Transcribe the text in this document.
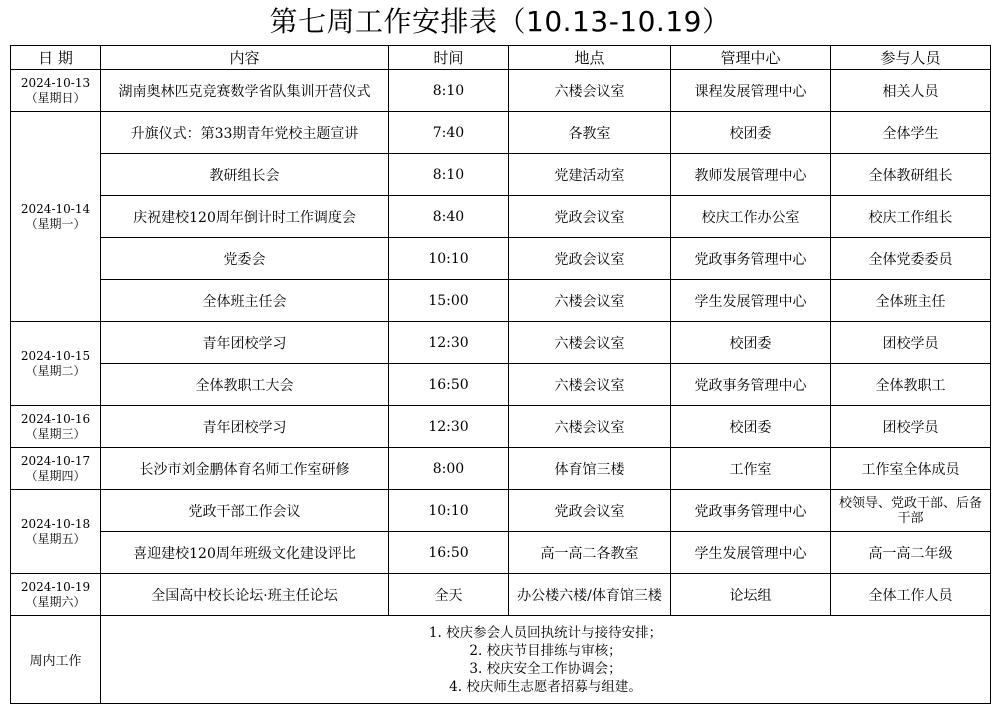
第七周工作安排表（10.13-10.19）
日 期	内容	时间	地点	管理中心	参与人员

2024-10-13
（星期日）	湖南奥林匹克竞赛数学省队集训开营仪式	8:10	六楼会议室	课程发展管理中心	相关人员

2024-10-14
（星期一）	升旗仪式：第33期青年党校主题宣讲	7:40	各教室	校团委	全体学生
	教研组长会	8:10	党建活动室	教师发展管理中心	全体教研组长
	庆祝建校120周年倒计时工作调度会	8:40	党政会议室	校庆工作办公室	校庆工作组长
	党委会	10:10	党政会议室	党政事务管理中心	全体党委委员
	全体班主任会	15:00	六楼会议室	学生发展管理中心	全体班主任

2024-10-15
（星期二）	青年团校学习	12:30	六楼会议室	校团委	团校学员
	全体教职工大会	16:50	六楼会议室	党政事务管理中心	全体教职工

2024-10-16
（星期三）	青年团校学习	12:30	六楼会议室	校团委	团校学员

2024-10-17
（星期四）	长沙市刘金鹏体育名师工作室研修	8:00	体育馆三楼	工作室	工作室全体成员

2024-10-18
（星期五）	党政干部工作会议	10:10	党政会议室	党政事务管理中心	校领导、党政干部、后备干部
	喜迎建校120周年班级文化建设评比	16:50	高一高二各教室	学生发展管理中心	高一高二年级

2024-10-19
（星期六）	全国高中校长论坛·班主任论坛	全天	办公楼六楼/体育馆三楼	论坛组	全体工作人员
周内工作	1. 校庆参会人员回执统计与接待安排；
2. 校庆节目排练与审核；
3. 校庆安全工作协调会；
4. 校庆师生志愿者招募与组建。				
